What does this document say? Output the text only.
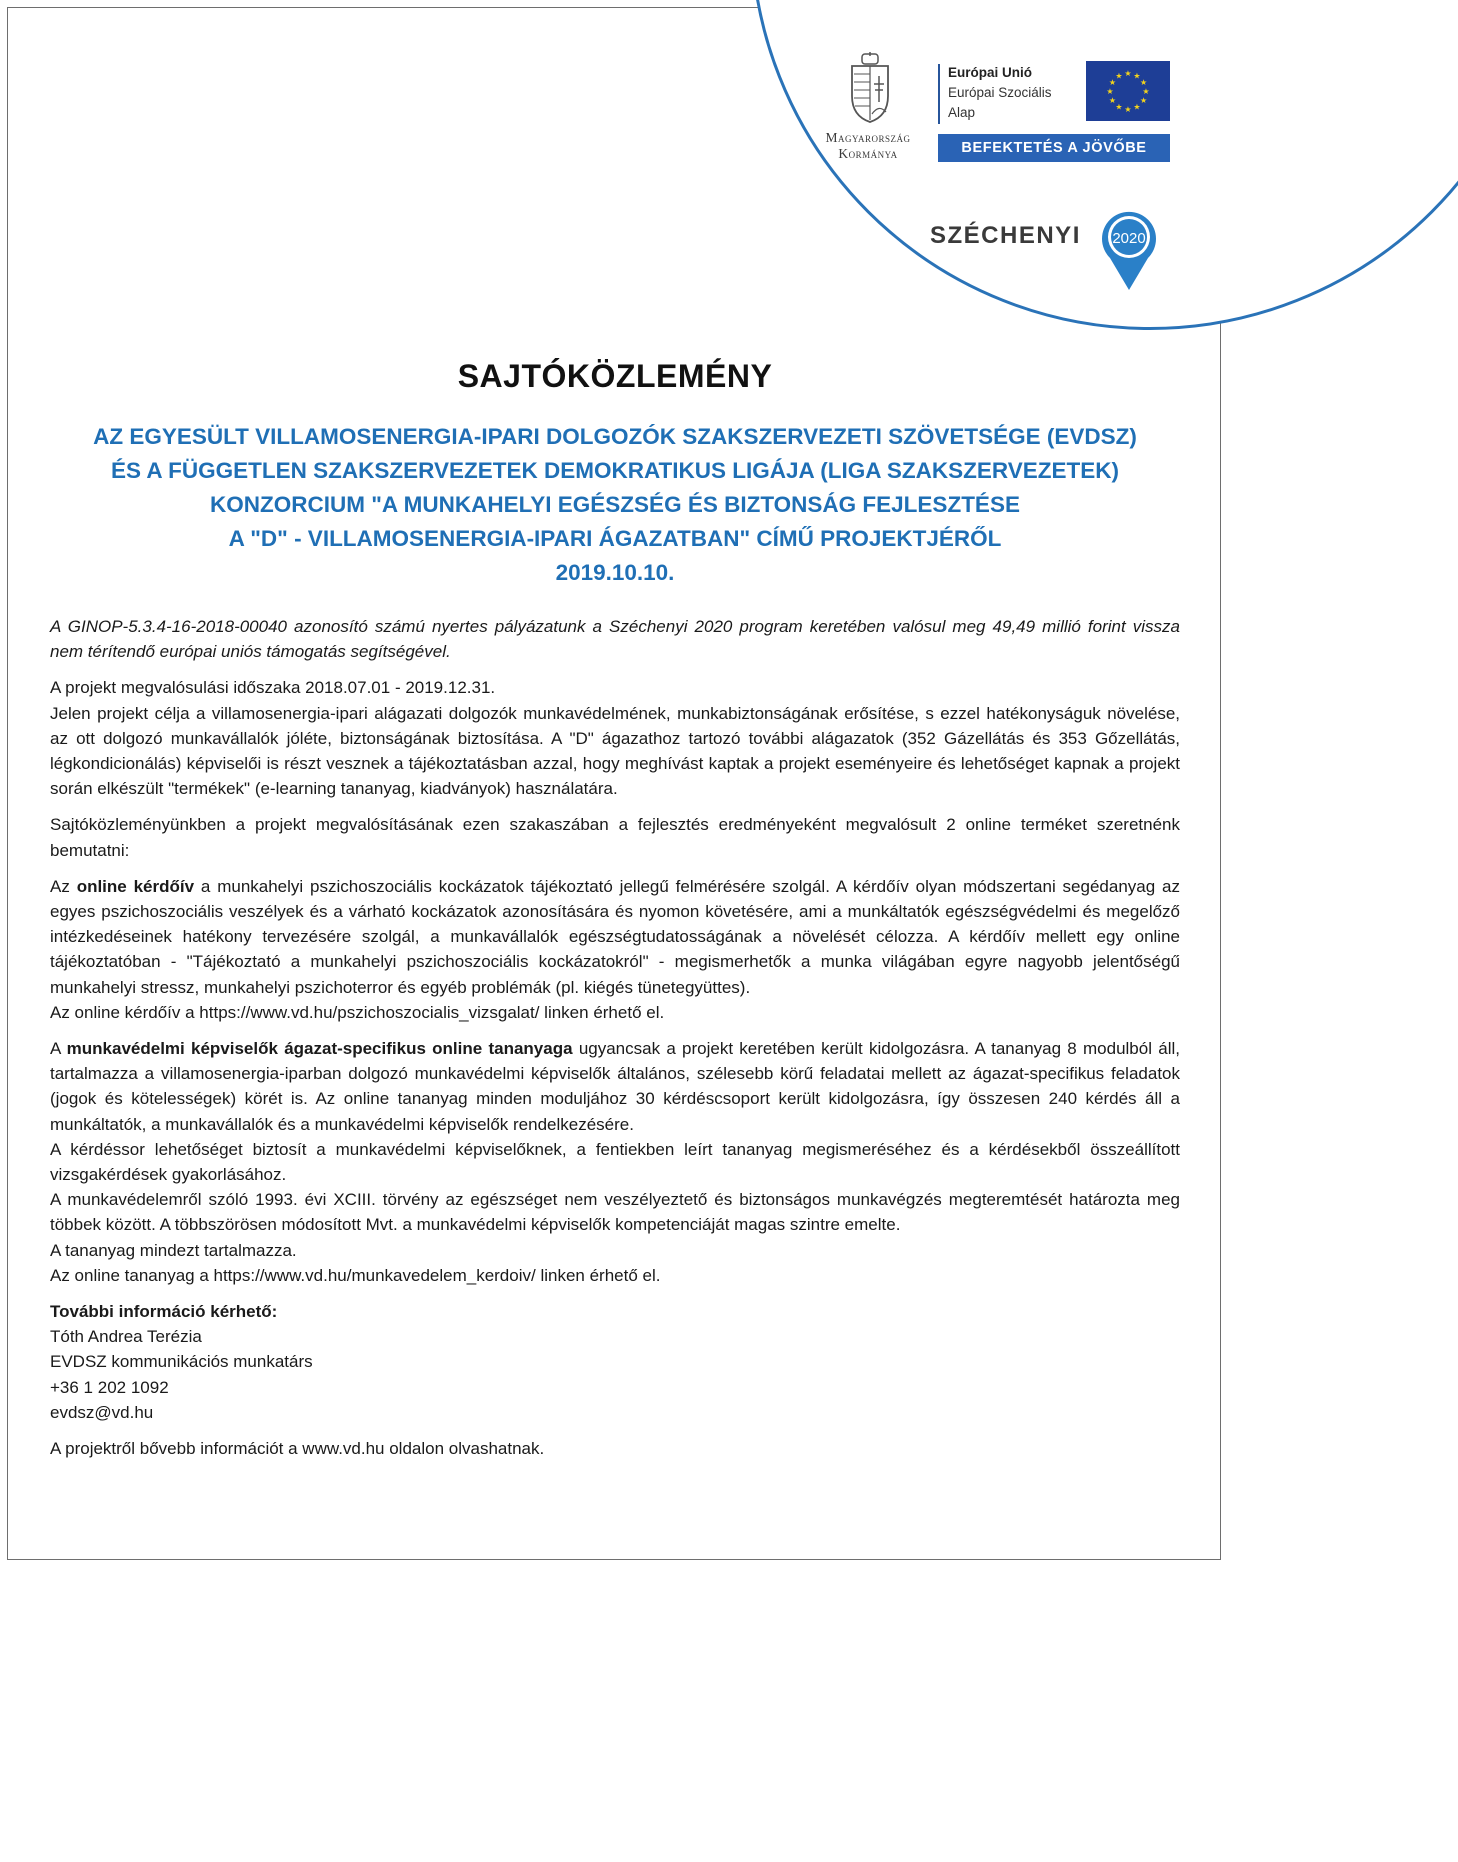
Magyarország
Kormánya
Európai Unió
Európai Szociális
Alap
★ ★
★
★
★
★
★
★
★
★
★
★
BEFEKTETÉS A JÖVŐBE
SZÉCHENYI 2020
SAJTÓKÖZLEMÉNY
AZ EGYESÜLT VILLAMOSENERGIA-IPARI DOLGOZÓK SZAKSZERVEZETI SZÖVETSÉGE (EVDSZ)
ÉS A FÜGGETLEN SZAKSZERVEZETEK DEMOKRATIKUS LIGÁJA (LIGA SZAKSZERVEZETEK)
KONZORCIUM "A MUNKAHELYI EGÉSZSÉG ÉS BIZTONSÁG FEJLESZTÉSE
A "D" - VILLAMOSENERGIA-IPARI ÁGAZATBAN" CÍMŰ PROJEKTJÉRŐL
2019.10.10.

A GINOP-5.3.4-16-2018-00040 azonosító számú nyertes pályázatunk a Széchenyi 2020 program keretében valósul meg 49,49 millió forint vissza nem térítendő európai uniós támogatás segítségével.

A projekt megvalósulási időszaka 2018.07.01 - 2019.12.31.

Jelen projekt célja a villamosenergia-ipari alágazati dolgozók munkavédelmének, munkabiztonságának erősítése, s ezzel hatékonyságuk növelése, az ott dolgozó munkavállalók jóléte, biztonságának biztosítása. A "D" ágazathoz tartozó további alágazatok (352 Gázellátás és 353 Gőzellátás, légkondicionálás) képviselői is részt vesznek a tájékoztatásban azzal, hogy meghívást kaptak a projekt eseményeire és lehetőséget kapnak a projekt során elkészült "termékek" (e-learning tananyag, kiadványok) használatára.

Sajtóközleményünkben a projekt megvalósításának ezen szakaszában a fejlesztés eredményeként megvalósult 2 online terméket szeretnénk bemutatni:

Az online kérdőív a munkahelyi pszichoszociális kockázatok tájékoztató jellegű felmérésére szolgál. A kérdőív olyan módszertani segédanyag az egyes pszichoszociális veszélyek és a várható kockázatok azonosítására és nyomon követésére, ami a munkáltatók egészségvédelmi és megelőző intézkedéseinek hatékony tervezésére szolgál, a munkavállalók egészségtudatosságának a növelését célozza. A kérdőív mellett egy online tájékoztatóban - "Tájékoztató a munkahelyi pszichoszociális kockázatokról" - megismerhetők a munka világában egyre nagyobb jelentőségű munkahelyi stressz, munkahelyi pszichoterror és egyéb problémák (pl. kiégés tünetegyüttes).

Az online kérdőív a https://www.vd.hu/pszichoszocialis_vizsgalat/ linken érhető el.

A munkavédelmi képviselők ágazat-specifikus online tananyaga ugyancsak a projekt keretében került kidolgozásra. A tananyag 8 modulból áll, tartalmazza a villamosenergia-iparban dolgozó munkavédelmi képviselők általános, szélesebb körű feladatai mellett az ágazat-specifikus feladatok (jogok és kötelességek) körét is. Az online tananyag minden moduljához 30 kérdéscsoport került kidolgozásra, így összesen 240 kérdés áll a munkáltatók, a munkavállalók és a munkavédelmi képviselők rendelkezésére.

A kérdéssor lehetőséget biztosít a munkavédelmi képviselőknek, a fentiekben leírt tananyag megismeréséhez és a kérdésekből összeállított vizsgakérdések gyakorlásához.

A munkavédelemről szóló 1993. évi XCIII. törvény az egészséget nem veszélyeztető és biztonságos munkavégzés megteremtését határozta meg többek között. A többszörösen módosított Mvt. a munkavédelmi képviselők kompetenciáját magas szintre emelte.

A tananyag mindezt tartalmazza.

Az online tananyag a https://www.vd.hu/munkavedelem_kerdoiv/ linken érhető el.

További információ kérhető:

Tóth Andrea Terézia

EVDSZ kommunikációs munkatárs

+36 1 202 1092

evdsz@vd.hu

A projektről bővebb információt a www.vd.hu oldalon olvashatnak.
